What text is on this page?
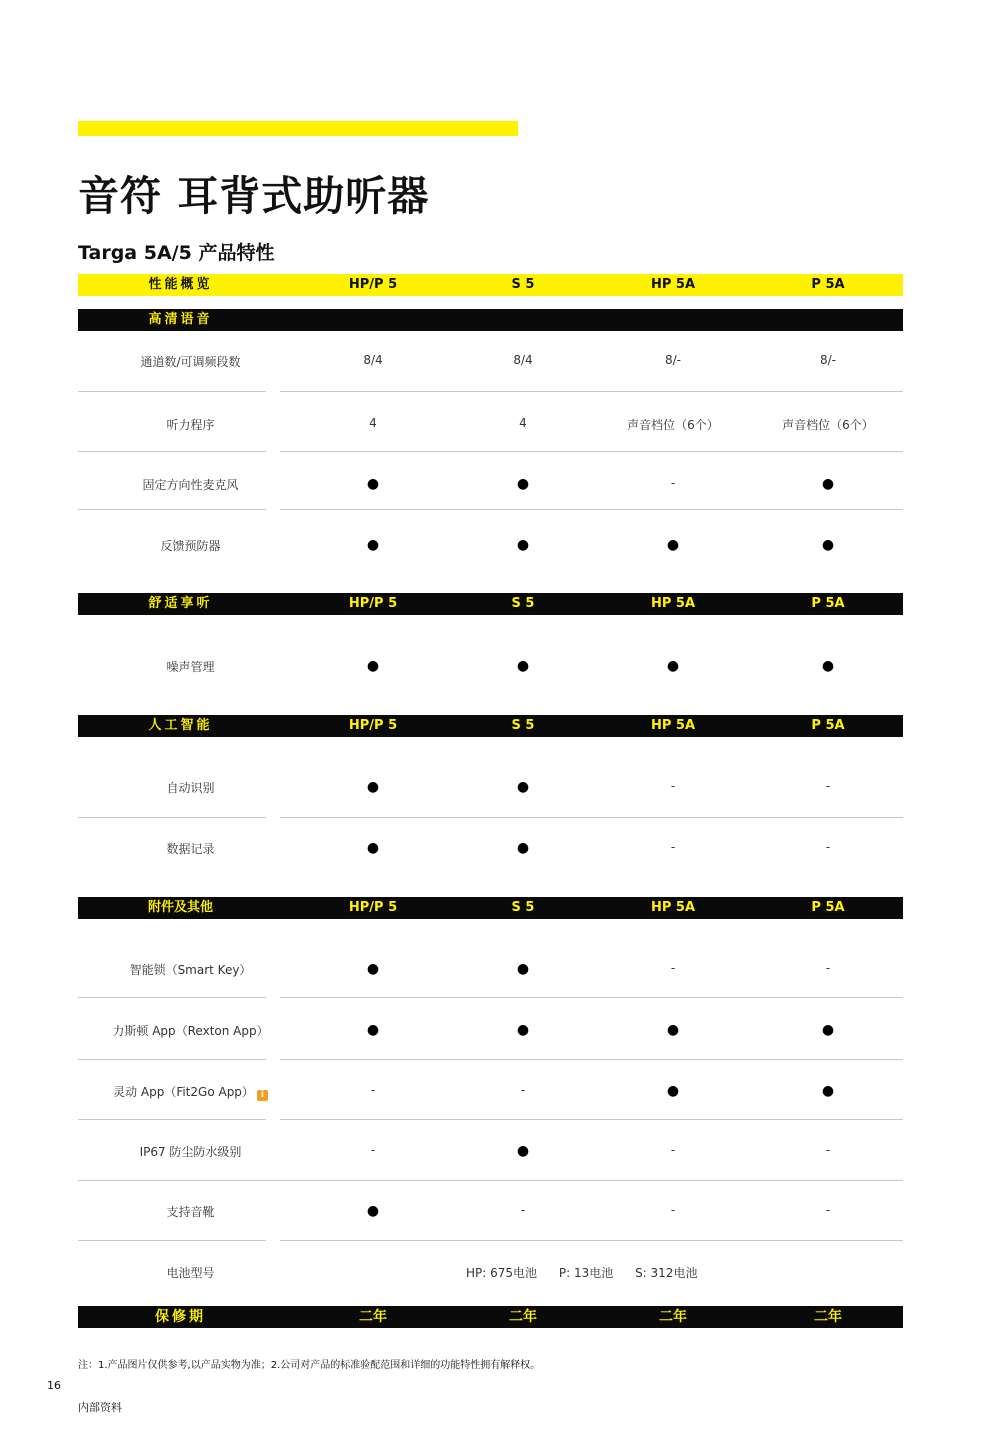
音符 耳背式助听器
Targa 5A/5 产品特性
性能概览	HP/P 5	S 5	HP 5A	P 5A
高清语音
通道数/可调频段数	8/4	8/4	8/-	8/-
听力程序	4	4	声音档位（6个）	声音档位（6个）
固定方向性麦克风	●	●	-	●
反馈预防器	●	●	●	●
舒适享听	HP/P 5	S 5	HP 5A	P 5A
噪声管理	●	●	●	●
人工智能	HP/P 5	S 5	HP 5A	P 5A
自动识别	●	●	-	-
数据记录	●	●	-	-
附件及其他	HP/P 5	S 5	HP 5A	P 5A
智能锁（Smart Key）	●	●	-	-
力斯顿 App（Rexton App）	●	●	●	●
灵动 App（Fit2Go App） i	-	-	●	●
IP67 防尘防水级别	-	●	-	-
支持音靴	●	-	-	-
电池型号	HP: 675电池 P: 13电池 S: 312电池
保修期	二年	二年	二年	二年
注：1.产品图片仅供参考,以产品实物为准；2.公司对产品的标准验配范围和详细的功能特性拥有解释权。
16
内部资料
